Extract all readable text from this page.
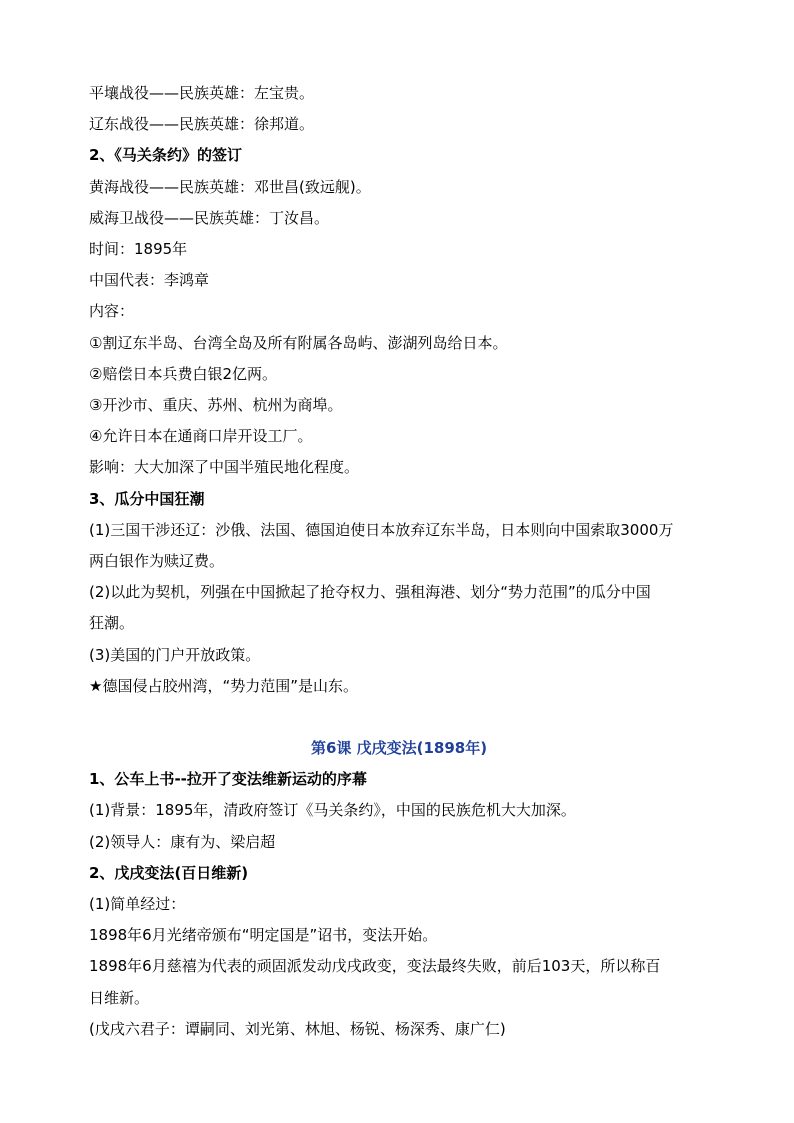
平壤战役——民族英雄：左宝贵。
辽东战役——民族英雄：徐邦道。
2、《马关条约》的签订
黄海战役——民族英雄：邓世昌(致远舰)。
威海卫战役——民族英雄：丁汝昌。
时间：1895年
中国代表：李鸿章
内容：
①割辽东半岛、台湾全岛及所有附属各岛屿、澎湖列岛给日本。
②赔偿日本兵费白银2亿两。
③开沙市、重庆、苏州、杭州为商埠。
④允许日本在通商口岸开设工厂。
影响：大大加深了中国半殖民地化程度。
3、瓜分中国狂潮
(1)三国干涉还辽：沙俄、法国、德国迫使日本放弃辽东半岛，日本则向中国索取3000万
两白银作为赎辽费。
(2)以此为契机，列强在中国掀起了抢夺权力、强租海港、划分“势力范围”的瓜分中国
狂潮。
(3)美国的门户开放政策。
★德国侵占胶州湾，“势力范围”是山东。
第6课 戊戌变法(1898年)
1、公车上书--拉开了变法维新运动的序幕
(1)背景：1895年，清政府签订《马关条约》，中国的民族危机大大加深。
(2)领导人：康有为、梁启超
2、戊戌变法(百日维新)
(1)简单经过：
1898年6月光绪帝颁布“明定国是”诏书，变法开始。
1898年6月慈禧为代表的顽固派发动戊戌政变，变法最终失败，前后103天，所以称百
日维新。
(戊戌六君子：谭嗣同、刘光第、林旭、杨锐、杨深秀、康广仁)
